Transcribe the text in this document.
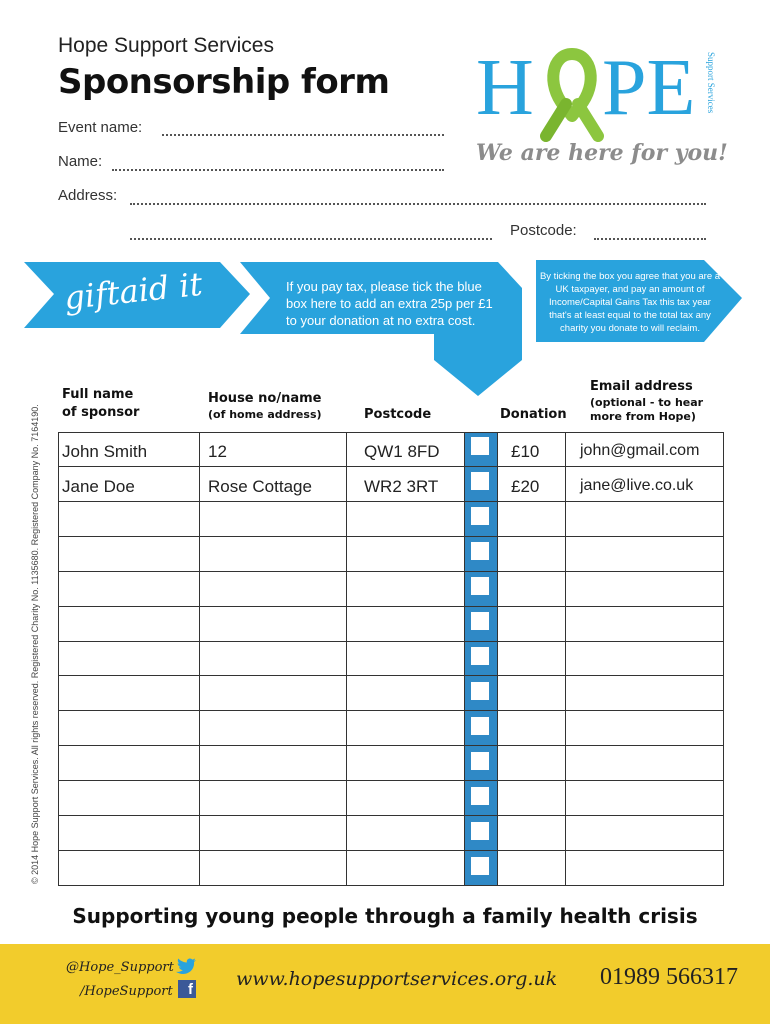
Hope Support Services
Sponsorship form H PE Support Services
We are here for you!
Event name:
Name:
Address:
Postcode:
giftaid it	If you pay tax, please tick the blue box here to add an extra 25p per £1 to your donation at no extra cost.
By ticking the box you agree that you are a UK taxpayer, and pay an amount of Income/Capital Gains Tax this tax year that's at least equal to the total tax any charity you donate to will reclaim.
Full name
of sponsor
House no/name
(of home address)	Postcode	Donation
Email address
(optional - to hear
more from Hope)
John Smith	12	QW1 8FD	£10	john@gmail.com
Jane Doe	Rose Cottage	WR2 3RT	£20	jane@live.co.uk
Supporting young people through a family health crisis
@Hope_Support
/HopeSupport	f www.hopesupportservices.org.uk 01989 566317
© 2014 Hope Support Services. All rights reserved. Registered Charity No. 1135680. Registered Company No. 7164190.
